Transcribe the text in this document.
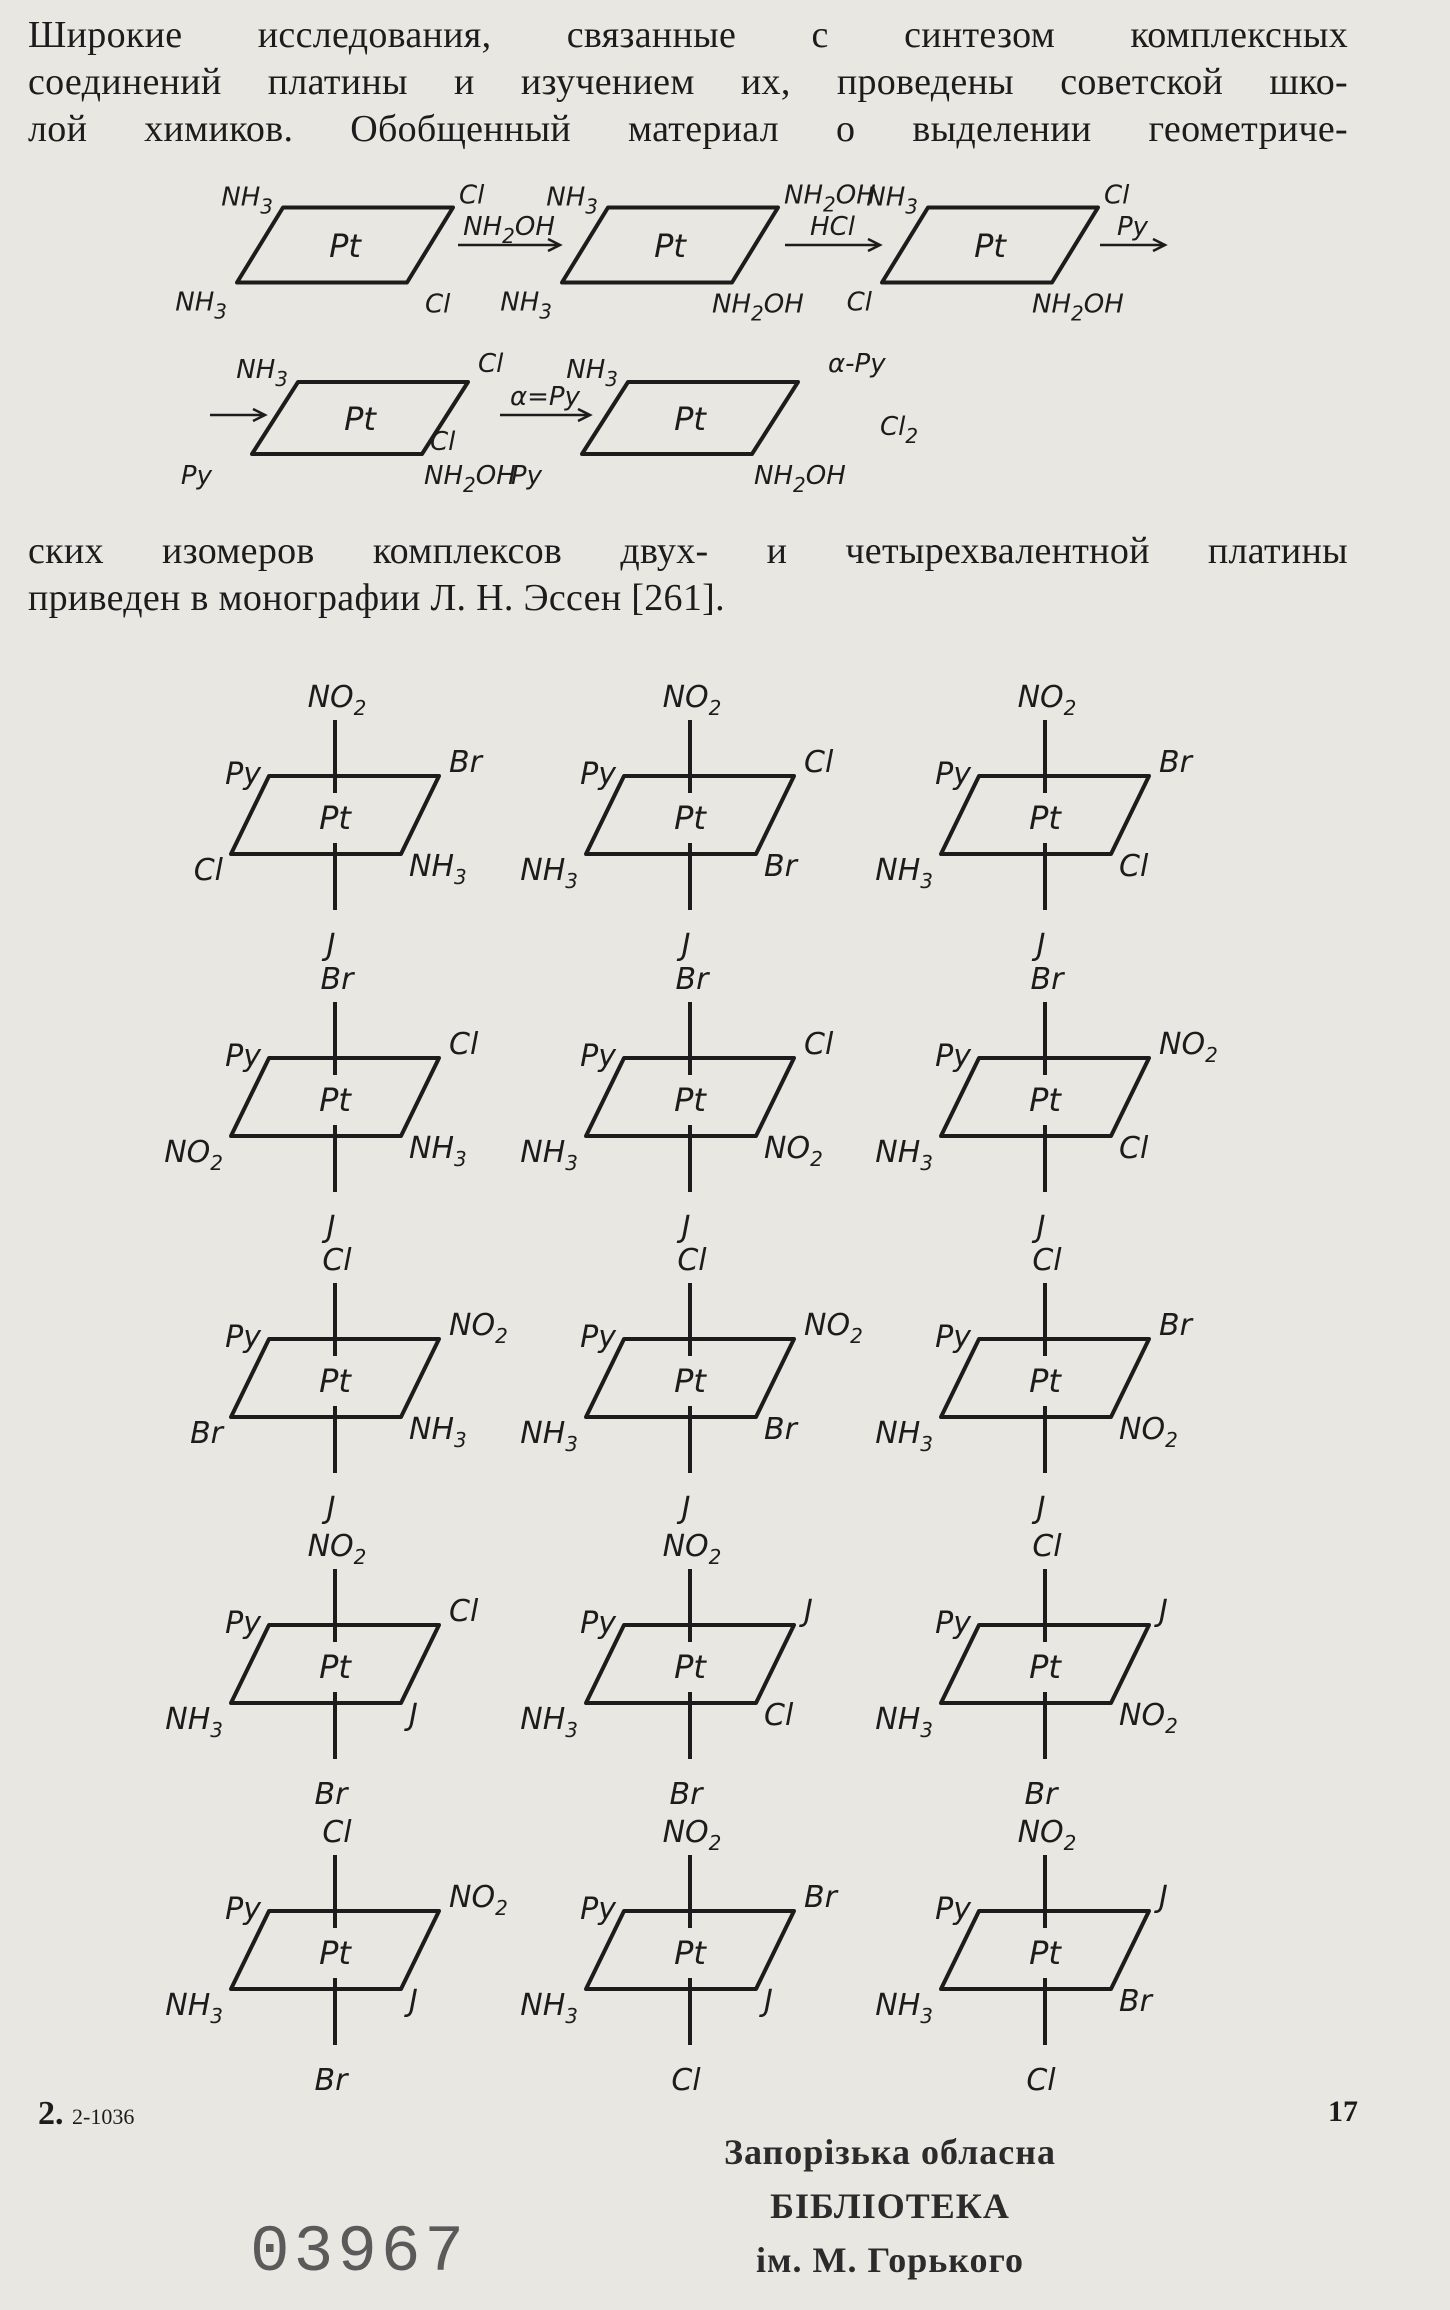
Широкие исследования, связанные с синтезом комплексных
соединений платины и изучением их, проведены советской шко-
лой химиков. Обобщенный материал о выделении геометриче-
Pt
$NH_3$	Cl
$NH_3$	Cl
Pt
$NH_3$	$NH_2OH$
$NH_3$	$NH_2OH$
Pt
$NH_3$	Cl
Cl	$NH_2OH$
$NH_2OH$	HCl	Py
Pt
$NH_3$	Cl
Py	$NH_2OH$
Cl
Pt
$NH_3$	α-Py
Py	$NH_2OH$
α=Py
$Cl_2$
ских изомеров комплексов двух- и четырехвалентной платины
приведен в монографии Л. Н. Эссен [261].
Pt
$NO_2$
J
Py	Br
Cl	$NH_3$
Pt
$NO_2$
J
Py	Cl
$NH_3$	Br
Pt
$NO_2$
J
Py	Br
$NH_3$	Cl
Pt
Br
J
Py	Cl
$NO_2$	$NH_3$
Pt
Br
J
Py	Cl
$NH_3$	$NO_2$
Pt
Br
J
Py	$NO_2$
$NH_3$	Cl
Pt
Cl
J
Py	$NO_2$
Br	$NH_3$
Pt
Cl
J
Py	$NO_2$
$NH_3$	Br
Pt
Cl
J
Py	Br
$NH_3$	$NO_2$
Pt
$NO_2$
Br
Py	Cl
$NH_3$	J
Pt
$NO_2$
Br
Py	J
$NH_3$	Cl
Pt
Cl
Br
Py	J
$NH_3$	$NO_2$
Pt
Cl
Br
Py	$NO_2$
$NH_3$	J
Pt
$NO_2$
Cl
Py	Br
$NH_3$	J
Pt
$NO_2$
Cl
Py	J
$NH_3$	Br
2. 2-1036	17
Запорізька обласна
БІБЛІОТЕКА
ім. М. Горького
03967
